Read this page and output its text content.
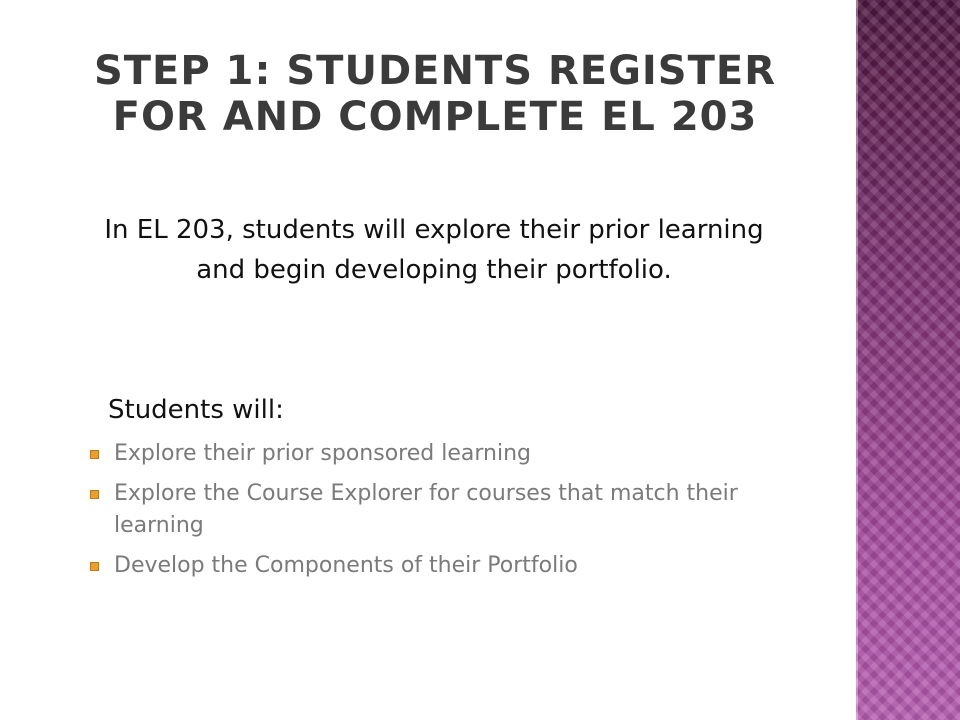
STEP 1: STUDENTS REGISTER FOR AND COMPLETE EL 203

In EL 203, students will explore their prior learning and begin developing their portfolio.

Students will:

Explore their prior sponsored learning
Explore the Course Explorer for courses that match their learning
Develop the Components of their Portfolio
